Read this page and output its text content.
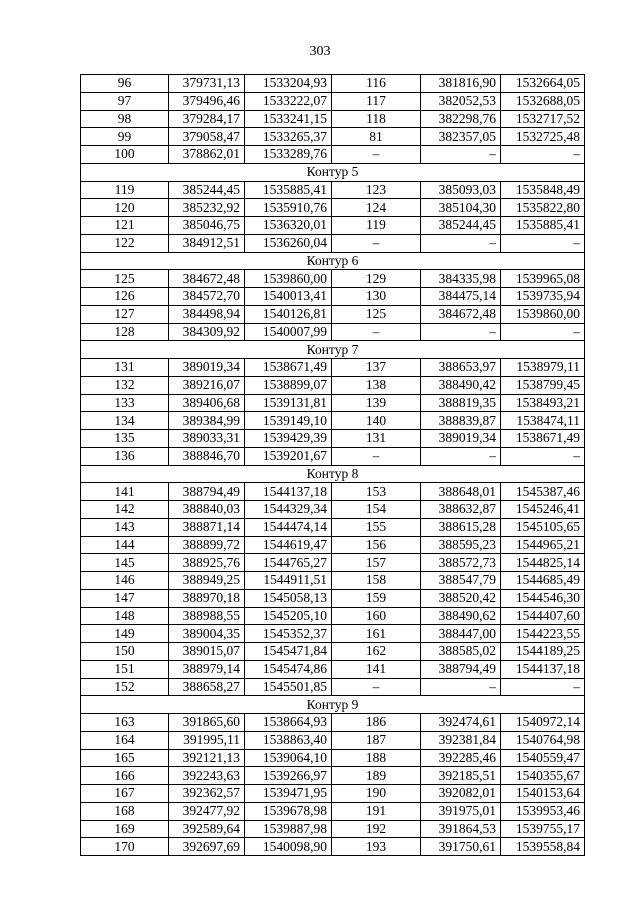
303
96	379731,13	1533204,93	116	381816,90	1532664,05
97	379496,46	1533222,07	117	382052,53	1532688,05
98	379284,17	1533241,15	118	382298,76	1532717,52
99	379058,47	1533265,37	81	382357,05	1532725,48
100	378862,01	1533289,76	–	–	–
Контур 5					
119	385244,45	1535885,41	123	385093,03	1535848,49
120	385232,92	1535910,76	124	385104,30	1535822,80
121	385046,75	1536320,01	119	385244,45	1535885,41
122	384912,51	1536260,04	–	–	–
Контур 6					
125	384672,48	1539860,00	129	384335,98	1539965,08
126	384572,70	1540013,41	130	384475,14	1539735,94
127	384498,94	1540126,81	125	384672,48	1539860,00
128	384309,92	1540007,99	–	–	–
Контур 7					
131	389019,34	1538671,49	137	388653,97	1538979,11
132	389216,07	1538899,07	138	388490,42	1538799,45
133	389406,68	1539131,81	139	388819,35	1538493,21
134	389384,99	1539149,10	140	388839,87	1538474,11
135	389033,31	1539429,39	131	389019,34	1538671,49
136	388846,70	1539201,67	–	–	–
Контур 8					
141	388794,49	1544137,18	153	388648,01	1545387,46
142	388840,03	1544329,34	154	388632,87	1545246,41
143	388871,14	1544474,14	155	388615,28	1545105,65
144	388899,72	1544619,47	156	388595,23	1544965,21
145	388925,76	1544765,27	157	388572,73	1544825,14
146	388949,25	1544911,51	158	388547,79	1544685,49
147	388970,18	1545058,13	159	388520,42	1544546,30
148	388988,55	1545205,10	160	388490,62	1544407,60
149	389004,35	1545352,37	161	388447,00	1544223,55
150	389015,07	1545471,84	162	388585,02	1544189,25
151	388979,14	1545474,86	141	388794,49	1544137,18
152	388658,27	1545501,85	–	–	–
Контур 9					
163	391865,60	1538664,93	186	392474,61	1540972,14
164	391995,11	1538863,40	187	392381,84	1540764,98
165	392121,13	1539064,10	188	392285,46	1540559,47
166	392243,63	1539266,97	189	392185,51	1540355,67
167	392362,57	1539471,95	190	392082,01	1540153,64
168	392477,92	1539678,98	191	391975,01	1539953,46
169	392589,64	1539887,98	192	391864,53	1539755,17
170	392697,69	1540098,90	193	391750,61	1539558,84
